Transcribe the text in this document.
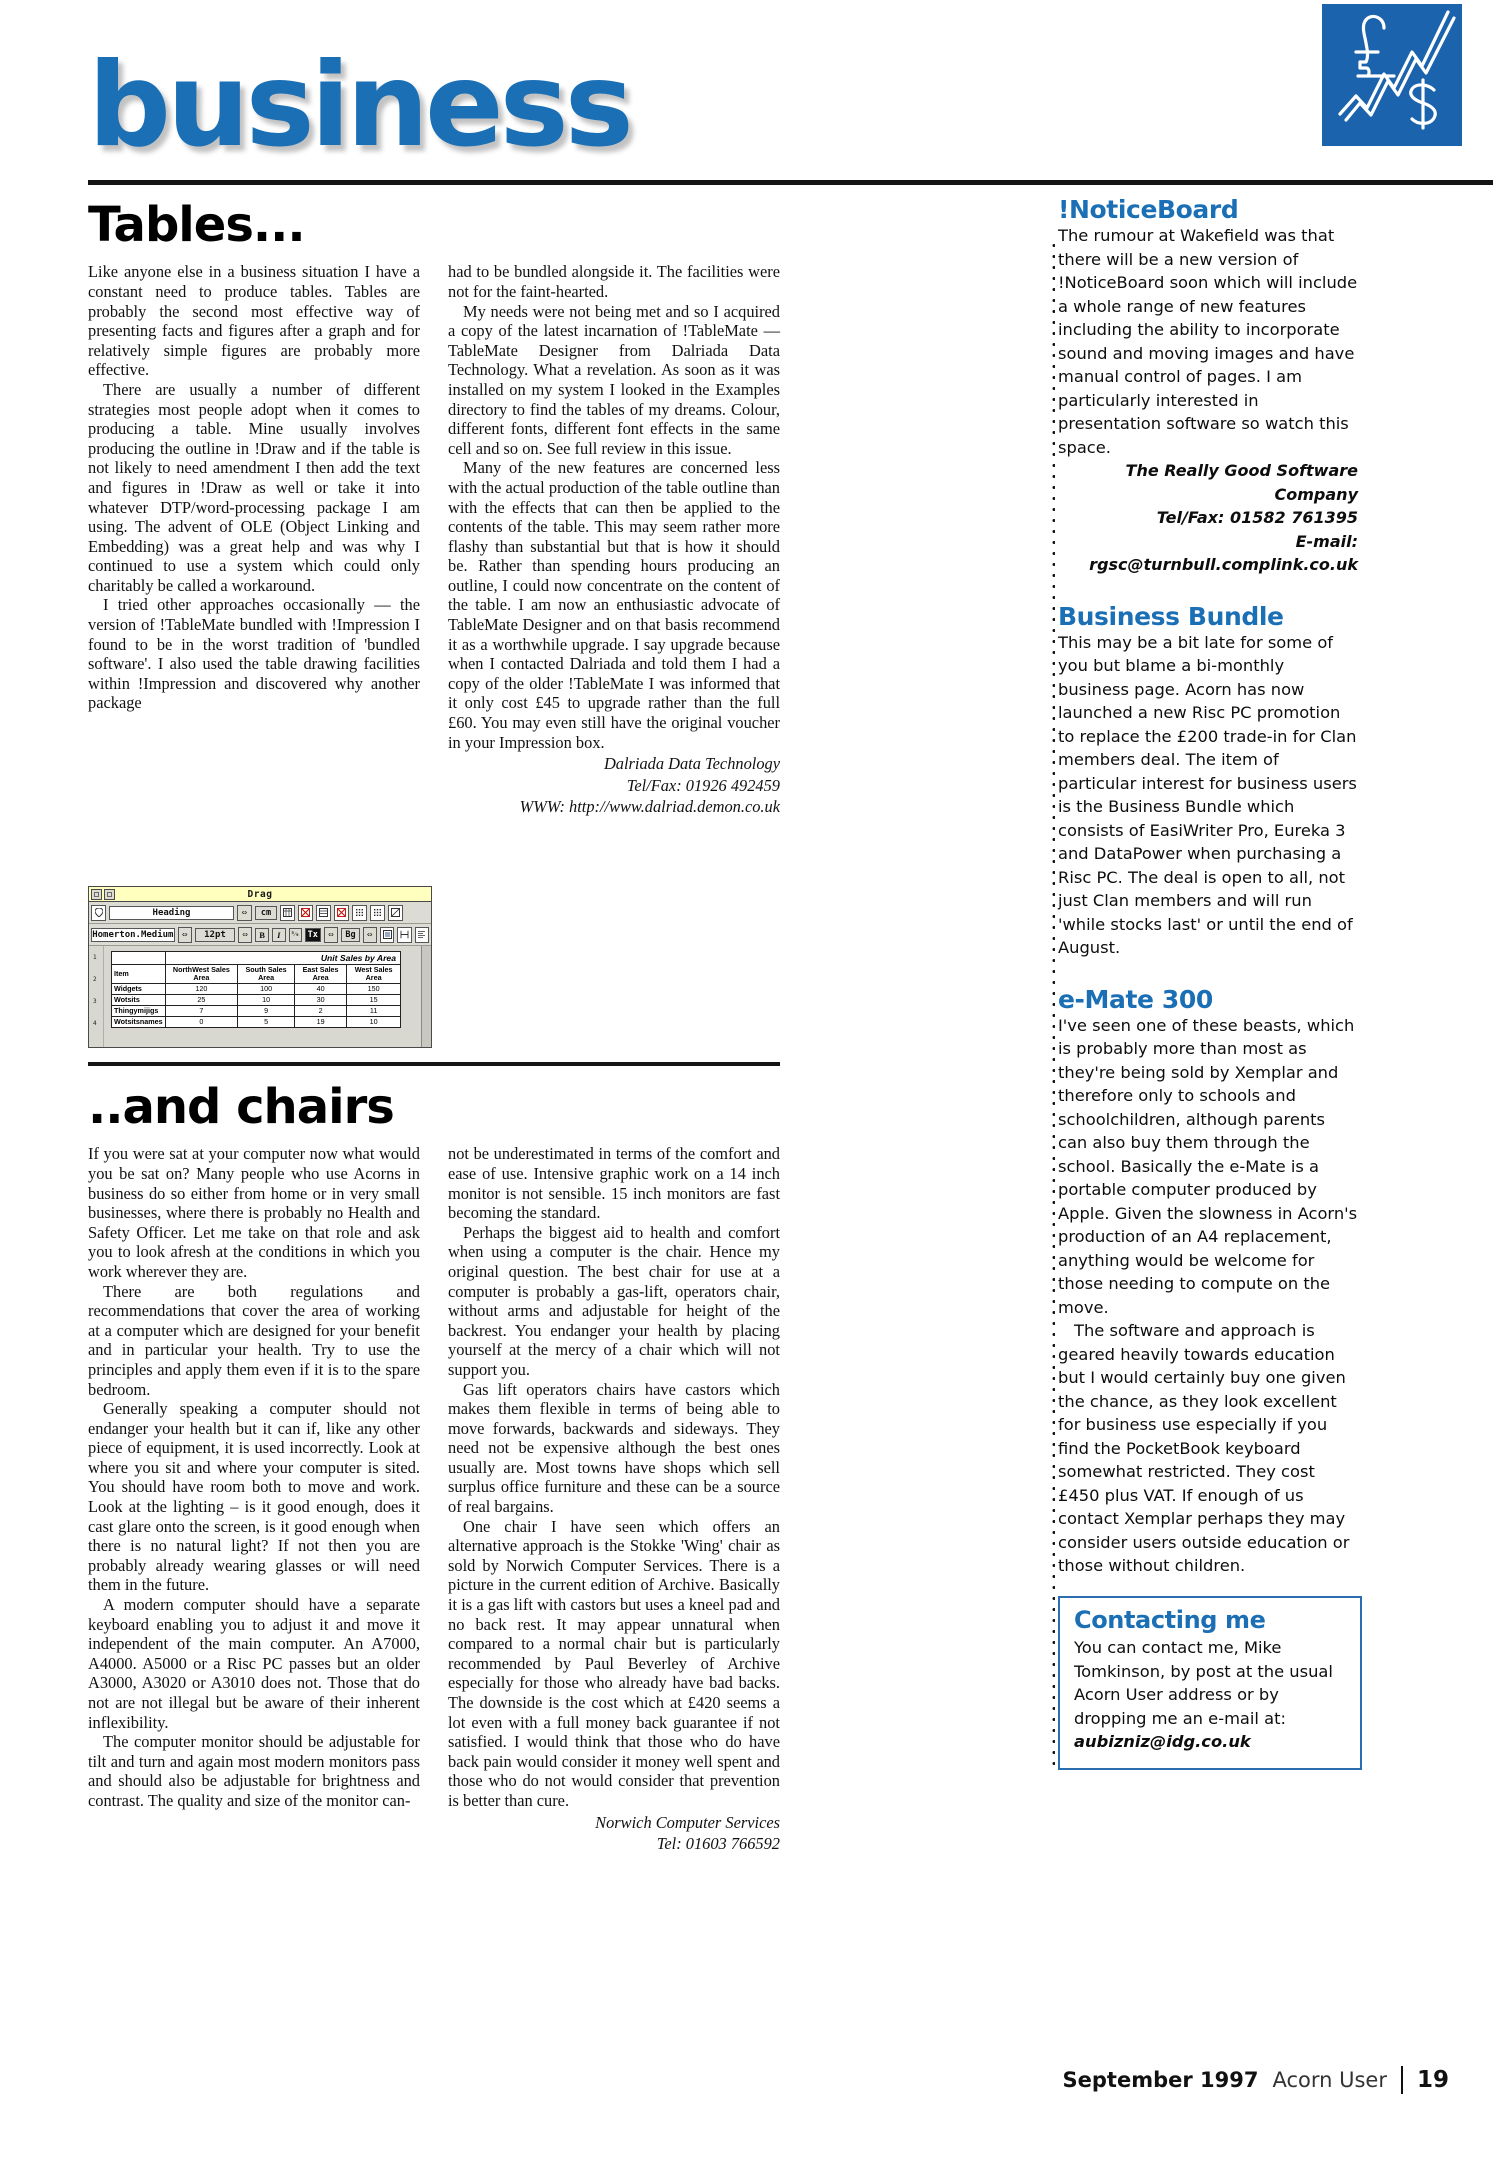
business
Tables...

Like anyone else in a business situation I have a constant need to produce tables. Tables are probably the second most effective way of presenting facts and figures after a graph and for relatively simple figures are probably more effective.

There are usually a number of different strategies most people adopt when it comes to producing a table. Mine usually involves producing the outline in !Draw and if the table is not likely to need amendment I then add the text and figures in !Draw as well or take it into whatever DTP/word-processing package I am using. The advent of OLE (Object Linking and Embedding) was a great help and was why I continued to use a system which could only charitably be called a workaround.

I tried other approaches occasionally — the version of !TableMate bundled with !Impression I found to be in the worst tradition of 'bundled software'. I also used the table drawing facilities within !Impression and discovered why another package

had to be bundled alongside it. The facilities were not for the faint-hearted.

My needs were not being met and so I acquired a copy of the latest incarnation of !TableMate — TableMate Designer from Dalriada Data Technology. What a revelation. As soon as it was installed on my system I looked in the Examples directory to find the tables of my dreams. Colour, different fonts, different font effects in the same cell and so on. See full review in this issue.

Many of the new features are concerned less with the actual production of the table outline than with the effects that can then be applied to the contents of the table. This may seem rather more flashy than substantial but that is how it should be. Rather than spending hours producing an outline, I could now concentrate on the content of the table. I am now an enthusiastic advocate of TableMate Designer and on that basis recommend it as a worthwhile upgrade. I say upgrade because when I contacted Dalriada and told them I had a copy of the older !TableMate I was informed that it only cost £45 to upgrade rather than the full £60. You may even still have the original voucher in your Impression box.

Dalriada Data Technology

Tel/Fax: 01926 492459

WWW: http://www.dalriad.demon.co.uk

Drag
Heading	⇔	cm
Homerton.Medium ⇔	12pt	⇔	B	I	⁵⁄₉ Tx	⇔	Bg	⇔
1
2
3
4
	Unit Sales by Area			
Item	NorthWest Sales Area	South Sales Area	East Sales Area	West Sales Area
Widgets	120	100	40	150
Wotsits	25	10	30	15
Thingymijigs	7	9	2	11
Wotsitsnames	0	5	19	10
..and chairs

If you were sat at your computer now what would you be sat on? Many people who use Acorns in business do so either from home or in very small businesses, where there is probably no Health and Safety Officer. Let me take on that role and ask you to look afresh at the conditions in which you work wherever they are.

There are both regulations and recommendations that cover the area of working at a computer which are designed for your benefit and in particular your health. Try to use the principles and apply them even if it is to the spare bedroom.

Generally speaking a computer should not endanger your health but it can if, like any other piece of equipment, it is used incorrectly. Look at where you sit and where your computer is sited. You should have room both to move and work. Look at the lighting – is it good enough, does it cast glare onto the screen, is it good enough when there is no natural light? If not then you are probably already wearing glasses or will need them in the future.

A modern computer should have a separate keyboard enabling you to adjust it and move it independent of the main computer. An A7000, A4000. A5000 or a Risc PC passes but an older A3000, A3020 or A3010 does not. Those that do not are not illegal but be aware of their inherent inflexibility.

The computer monitor should be adjustable for tilt and turn and again most modern monitors pass and should also be adjustable for brightness and contrast. The quality and size of the monitor can-

not be underestimated in terms of the comfort and ease of use. Intensive graphic work on a 14 inch monitor is not sensible. 15 inch monitors are fast becoming the standard.

Perhaps the biggest aid to health and comfort when using a computer is the chair. Hence my original question. The best chair for use at a computer is probably a gas-lift, operators chair, without arms and adjustable for height of the backrest. You endanger your health by placing yourself at the mercy of a chair which will not support you.

Gas lift operators chairs have castors which makes them flexible in terms of being able to move forwards, backwards and sideways. They need not be expensive although the best ones usually are. Most towns have shops which sell surplus office furniture and these can be a source of real bargains.

One chair I have seen which offers an alternative approach is the Stokke 'Wing' chair as sold by Norwich Computer Services. There is a picture in the current edition of Archive. Basically it is a gas lift with castors but uses a kneel pad and no back rest. It may appear unnatural when compared to a normal chair but is particularly recommended by Paul Beverley of Archive especially for those who already have bad backs. The downside is the cost which at £420 seems a lot even with a full money back guarantee if not satisfied. I would think that those who do have back pain would consider it money well spent and those who do not would consider that prevention is better than cure.

Norwich Computer Services

Tel: 01603 766592

!NoticeBoard

The rumour at Wakefield was that there will be a new version of !NoticeBoard soon which will include a whole range of new features including the ability to incorporate sound and moving images and have manual control of pages. I am particularly interested in presentation software so watch this space.

The Really Good Software Company

Tel/Fax: 01582 761395

E-mail: rgsc@turnbull.complink.co.uk

Business Bundle

This may be a bit late for some of you but blame a bi-monthly business page. Acorn has now launched a new Risc PC promotion to replace the £200 trade-in for Clan members deal. The item of particular interest for business users is the Business Bundle which consists of EasiWriter Pro, Eureka 3 and DataPower when purchasing a Risc PC. The deal is open to all, not just Clan members and will run 'while stocks last' or until the end of August.

e-Mate 300

I've seen one of these beasts, which is probably more than most as they're being sold by Xemplar and therefore only to schools and schoolchildren, although parents can also buy them through the school. Basically the e-Mate is a portable computer produced by Apple. Given the slowness in Acorn's production of an A4 replacement, anything would be welcome for those needing to compute on the move.

The software and approach is geared heavily towards education but I would certainly buy one given the chance, as they look excellent for business use especially if you find the PocketBook keyboard somewhat restricted. They cost £450 plus VAT. If enough of us contact Xemplar perhaps they may consider users outside education or those without children.

Contacting me

You can contact me, Mike Tomkinson, by post at the usual Acorn User address or by dropping me an e-mail at:

aubizniz@idg.co.uk

September 1997 Acorn User 19
